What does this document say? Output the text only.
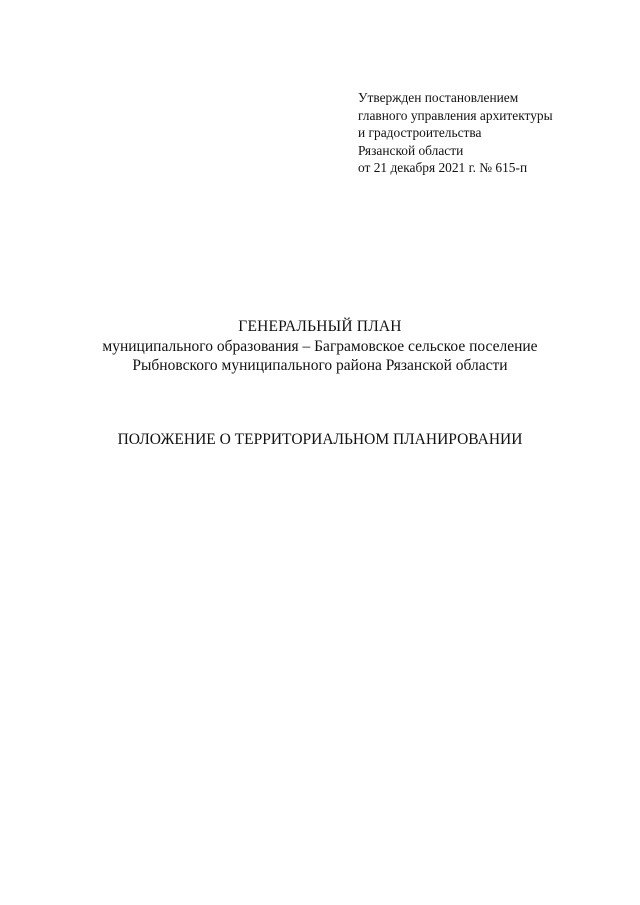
Утвержден постановлением
главного управления архитектуры
и градостроительства
Рязанской области
от 21 декабря 2021 г. № 615-п
ГЕНЕРАЛЬНЫЙ ПЛАН
муниципального образования – Баграмовское сельское поселение
Рыбновского муниципального района Рязанской области
ПОЛОЖЕНИЕ О ТЕРРИТОРИАЛЬНОМ ПЛАНИРОВАНИИ
